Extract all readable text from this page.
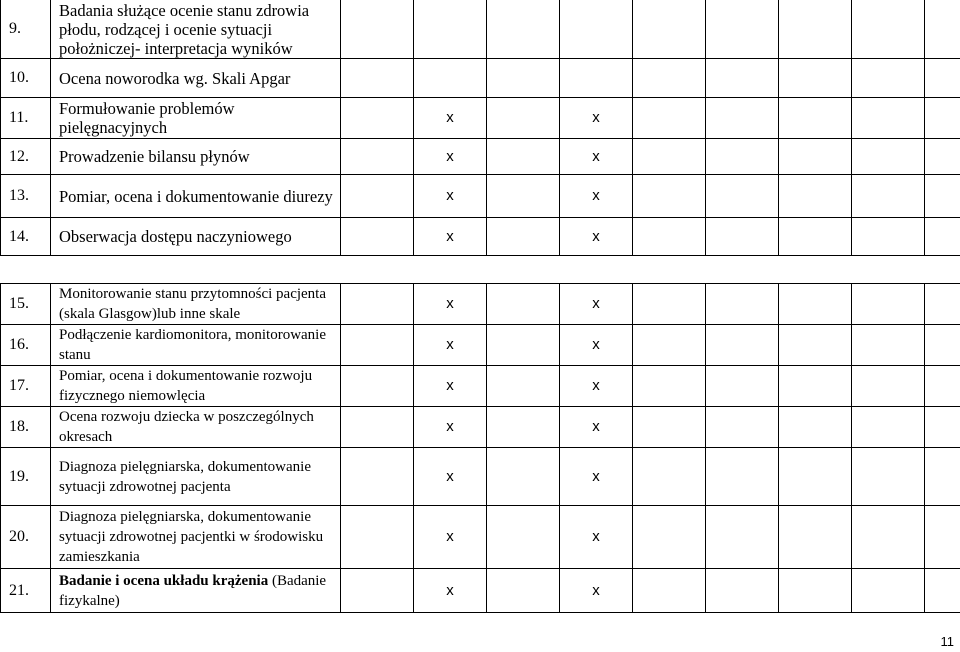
9.	Badania służące ocenie stanu zdrowia płodu, rodzącej i ocenie sytuacji położniczej- interpretacja wyników									
10.	Ocena noworodka wg. Skali Apgar									
11.	Formułowanie problemów pielęgnacyjnych		x		x					
12.	Prowadzenie bilansu płynów		x		x					
13.	Pomiar, ocena i dokumentowanie diurezy		x		x					
14.	Obserwacja dostępu naczyniowego		x		x					
15.	Monitorowanie stanu przytomności pacjenta (skala Glasgow)lub inne skale		x		x					
16.	Podłączenie kardiomonitora, monitorowanie stanu		x		x					
17.	Pomiar, ocena i dokumentowanie rozwoju fizycznego niemowlęcia		x		x					
18.	Ocena rozwoju dziecka w poszczególnych okresach		x		x					
19.	Diagnoza pielęgniarska, dokumentowanie sytuacji zdrowotnej pacjenta		x		x					
20.	Diagnoza pielęgniarska, dokumentowanie sytuacji zdrowotnej pacjentki w środowisku zamieszkania		x		x					
21.	Badanie i ocena układu krążenia (Badanie fizykalne)		x		x					
11
